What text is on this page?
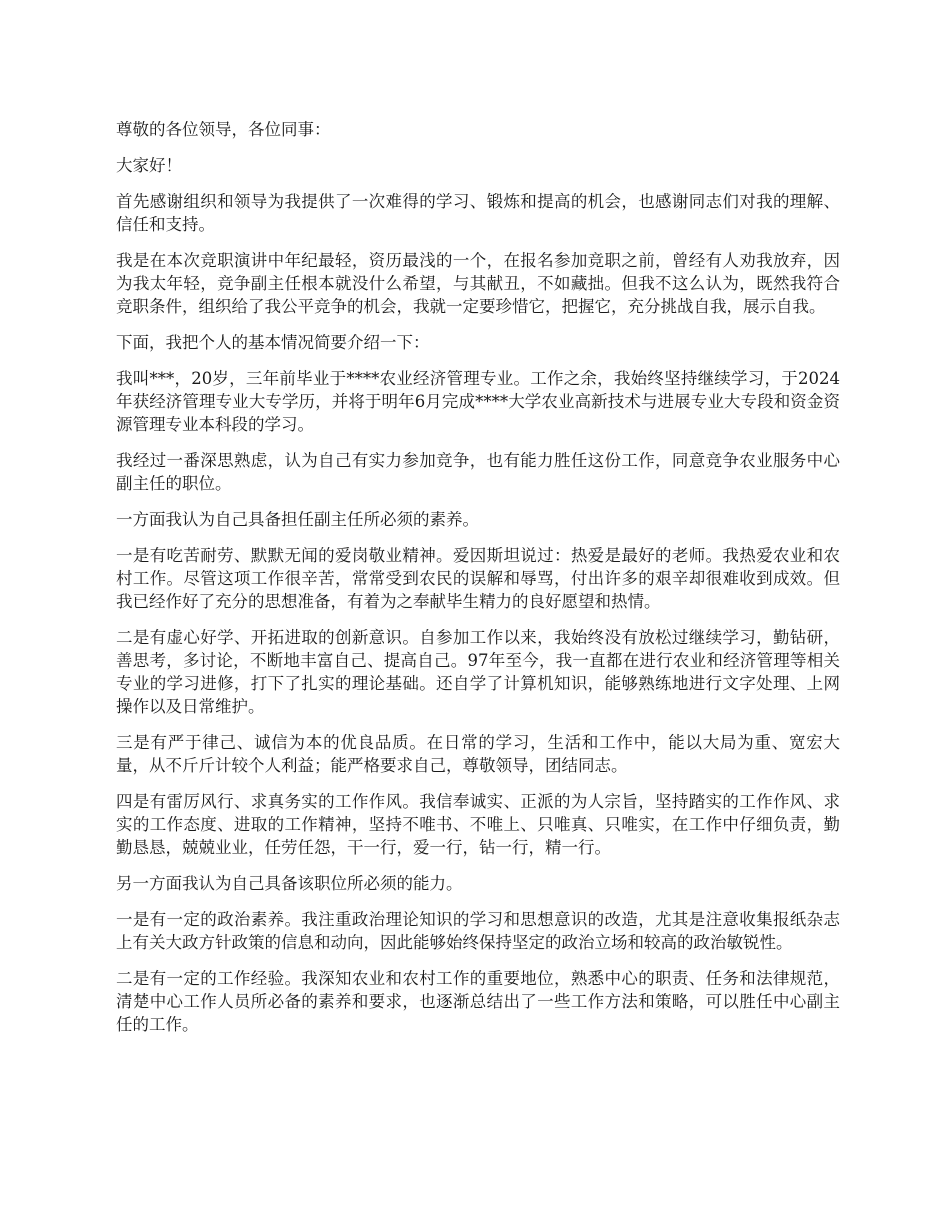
尊敬的各位领导，各位同事：

大家好！

首先感谢组织和领导为我提供了一次难得的学习、锻炼和提高的机会，也感谢同志们对我的理解、信任和支持。

我是在本次竞职演讲中年纪最轻，资历最浅的一个，在报名参加竞职之前，曾经有人劝我放弃，因为我太年轻，竞争副主任根本就没什么希望，与其献丑，不如藏拙。但我不这么认为，既然我符合竞职条件，组织给了我公平竞争的机会，我就一定要珍惜它，把握它，充分挑战自我，展示自我。

下面，我把个人的基本情况简要介绍一下：

我叫***，20岁，三年前毕业于****农业经济管理专业。工作之余，我始终坚持继续学习，于2024年获经济管理专业大专学历，并将于明年6月完成****大学农业高新技术与进展专业大专段和资金资源管理专业本科段的学习。

我经过一番深思熟虑，认为自己有实力参加竞争，也有能力胜任这份工作，同意竞争农业服务中心副主任的职位。

一方面我认为自己具备担任副主任所必须的素养。

一是有吃苦耐劳、默默无闻的爱岗敬业精神。爱因斯坦说过：热爱是最好的老师。我热爱农业和农村工作。尽管这项工作很辛苦，常常受到农民的误解和辱骂，付出许多的艰辛却很难收到成效。但我已经作好了充分的思想准备，有着为之奉献毕生精力的良好愿望和热情。

二是有虚心好学、开拓进取的创新意识。自参加工作以来，我始终没有放松过继续学习，勤钻研，善思考，多讨论，不断地丰富自己、提高自己。97年至今，我一直都在进行农业和经济管理等相关专业的学习进修，打下了扎实的理论基础。还自学了计算机知识，能够熟练地进行文字处理、上网操作以及日常维护。

三是有严于律己、诚信为本的优良品质。在日常的学习，生活和工作中，能以大局为重、宽宏大量，从不斤斤计较个人利益；能严格要求自己，尊敬领导，团结同志。

四是有雷厉风行、求真务实的工作作风。我信奉诚实、正派的为人宗旨，坚持踏实的工作作风、求实的工作态度、进取的工作精神，坚持不唯书、不唯上、只唯真、只唯实，在工作中仔细负责，勤勤恳恳，兢兢业业，任劳任怨，干一行，爱一行，钻一行，精一行。

另一方面我认为自己具备该职位所必须的能力。

一是有一定的政治素养。我注重政治理论知识的学习和思想意识的改造，尤其是注意收集报纸杂志上有关大政方针政策的信息和动向，因此能够始终保持坚定的政治立场和较高的政治敏锐性。

二是有一定的工作经验。我深知农业和农村工作的重要地位，熟悉中心的职责、任务和法律规范，清楚中心工作人员所必备的素养和要求，也逐渐总结出了一些工作方法和策略，可以胜任中心副主任的工作。
